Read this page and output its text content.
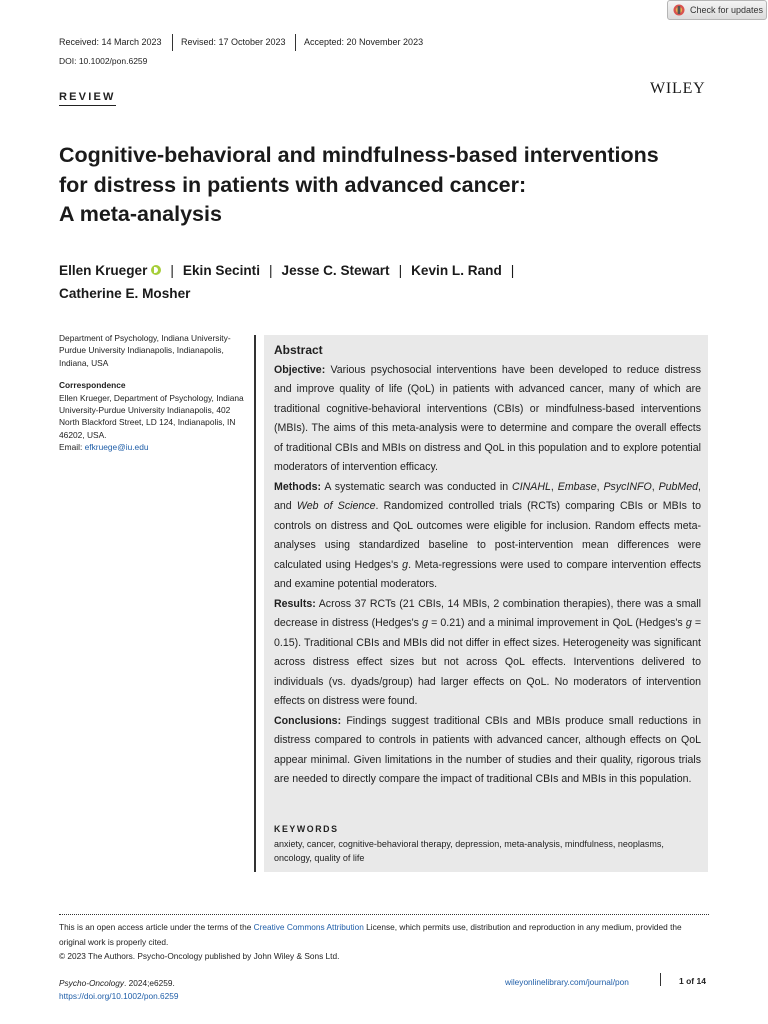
Check for updates
Received: 14 March 2023 Revised: 17 October 2023 Accepted: 20 November 2023
DOI: 10.1002/pon.6259
REVIEW	WILEY
Cognitive-behavioral and mindfulness-based interventions
for distress in patients with advanced cancer:
A meta-analysis
Ellen Krueger | Ekin Secinti | Jesse C. Stewart | Kevin L. Rand |
Catherine E. Mosher
Department of Psychology, Indiana University-Purdue University Indianapolis, Indianapolis, Indiana, USA
Correspondence
Ellen Krueger, Department of Psychology, Indiana University-Purdue University Indianapolis, 402 North Blackford Street, LD 124, Indianapolis, IN 46202, USA.
Email: efkruege@iu.edu
Abstract
Objective: Various psychosocial interventions have been developed to reduce distress and improve quality of life (QoL) in patients with advanced cancer, many of which are traditional cognitive-behavioral interventions (CBIs) or mindfulness-based interventions (MBIs). The aims of this meta-analysis were to determine and compare the overall effects of traditional CBIs and MBIs on distress and QoL in this population and to explore potential moderators of intervention efficacy.
Methods: A systematic search was conducted in CINAHL, Embase, PsycINFO, PubMed, and Web of Science. Randomized controlled trials (RCTs) comparing CBIs or MBIs to controls on distress and QoL outcomes were eligible for inclusion. Random effects meta-analyses using standardized baseline to post-intervention mean differences were calculated using Hedges's g. Meta-regressions were used to compare intervention effects and examine potential moderators.
Results: Across 37 RCTs (21 CBIs, 14 MBIs, 2 combination therapies), there was a small decrease in distress (Hedges's g = 0.21) and a minimal improvement in QoL (Hedges's g = 0.15). Traditional CBIs and MBIs did not differ in effect sizes. Heterogeneity was significant across distress effect sizes but not across QoL effects. Interventions delivered to individuals (vs. dyads/group) had larger effects on QoL. No moderators of intervention effects on distress were found.
Conclusions: Findings suggest traditional CBIs and MBIs produce small reductions in distress compared to controls in patients with advanced cancer, although effects on QoL appear minimal. Given limitations in the number of studies and their quality, rigorous trials are needed to directly compare the impact of traditional CBIs and MBIs in this population.
KEYWORDS
anxiety, cancer, cognitive-behavioral therapy, depression, meta-analysis, mindfulness, neoplasms, oncology, quality of life
This is an open access article under the terms of the Creative Commons Attribution License, which permits use, distribution and reproduction in any medium, provided the original work is properly cited.
© 2023 The Authors. Psycho-Oncology published by John Wiley & Sons Ltd.
Psycho-Oncology. 2024;e6259.
https://doi.org/10.1002/pon.6259
wileyonlinelibrary.com/journal/pon	1 of 14
